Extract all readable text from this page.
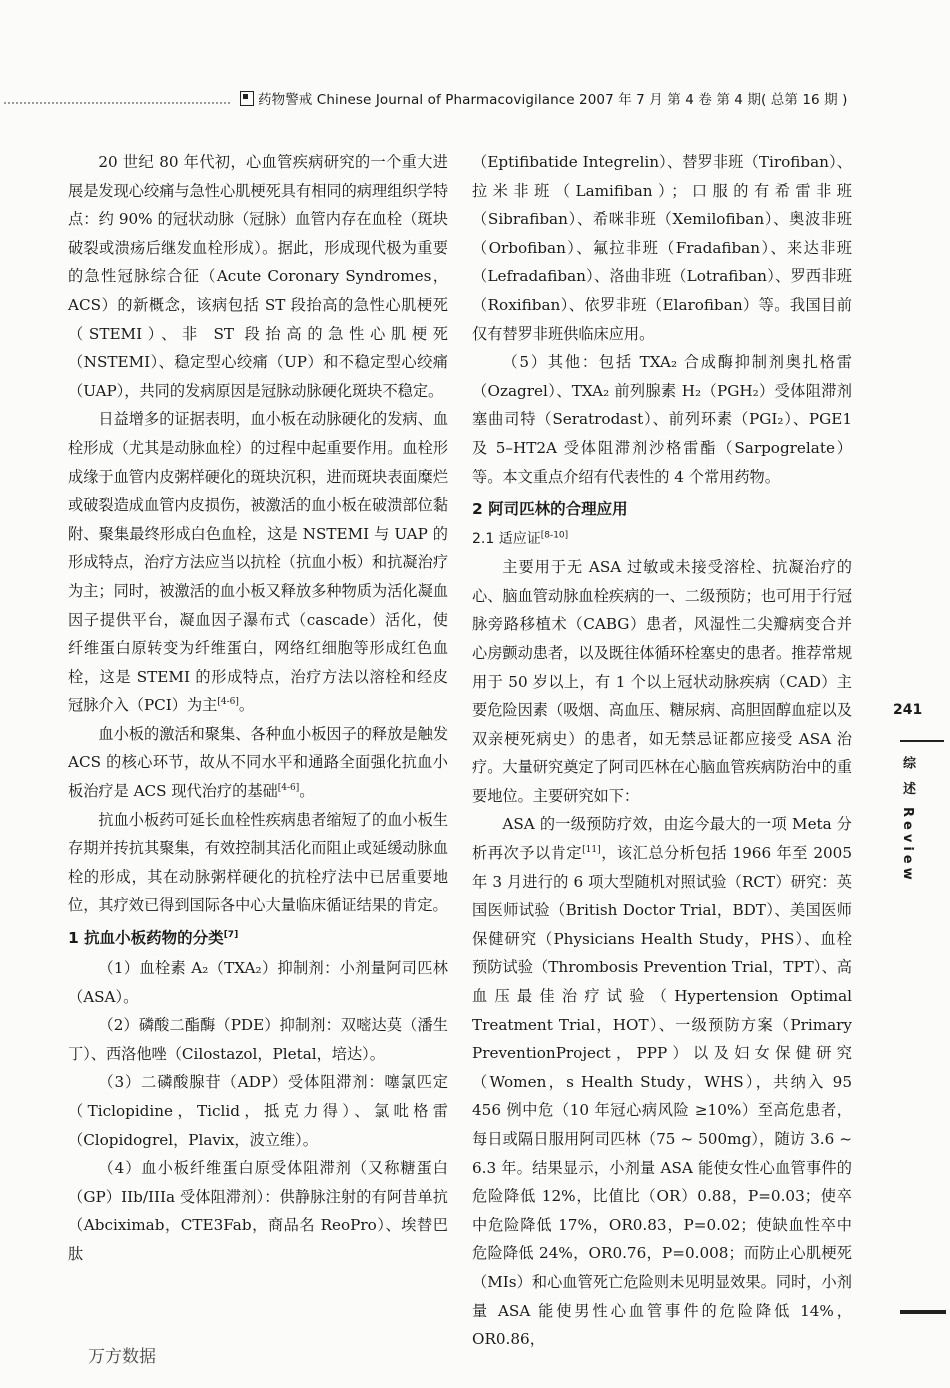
药物警戒 Chinese Journal of Pharmacovigilance 2007 年 7 月 第 4 卷 第 4 期( 总第 16 期 )

20 世纪 80 年代初，心血管疾病研究的一个重大进展是发现心绞痛与急性心肌梗死具有相同的病理组织学特点：约 90% 的冠状动脉（冠脉）血管内存在血栓（斑块破裂或溃疡后继发血栓形成）。据此，形成现代极为重要的急性冠脉综合征（Acute Coronary Syndromes，ACS）的新概念，该病包括 ST 段抬高的急性心肌梗死（STEMI）、非 ST 段抬高的急性心肌梗死（NSTEMI）、稳定型心绞痛（UP）和不稳定型心绞痛（UAP），共同的发病原因是冠脉动脉硬化斑块不稳定。

日益增多的证据表明，血小板在动脉硬化的发病、血栓形成（尤其是动脉血栓）的过程中起重要作用。血栓形成缘于血管内皮粥样硬化的斑块沉积，进而斑块表面糜烂或破裂造成血管内皮损伤，被激活的血小板在破溃部位黏附、聚集最终形成白色血栓，这是 NSTEMI 与 UAP 的形成特点，治疗方法应当以抗栓（抗血小板）和抗凝治疗为主；同时，被激活的血小板又释放多种物质为活化凝血因子提供平台，凝血因子瀑布式（cascade）活化，使纤维蛋白原转变为纤维蛋白，网络红细胞等形成红色血栓，这是 STEMI 的形成特点，治疗方法以溶栓和经皮冠脉介入（PCI）为主[4-6]。

血小板的激活和聚集、各种血小板因子的释放是触发 ACS 的核心环节，故从不同水平和通路全面强化抗血小板治疗是 ACS 现代治疗的基础[4-6]。

抗血小板药可延长血栓性疾病患者缩短了的血小板生存期并抟抗其聚集，有效控制其活化而阻止或延缓动脉血栓的形成，其在动脉粥样硬化的抗栓疗法中已居重要地位，其疗效已得到国际各中心大量临床循证结果的肯定。

1 抗血小板药物的分类[7]

（1）血栓素 A₂（TXA₂）抑制剂：小剂量阿司匹林（ASA）。

（2）磷酸二酯酶（PDE）抑制剂：双嘧达莫（潘生丁）、西洛他唑（Cilostazol，Pletal，培达）。

（3）二磷酸腺苷（ADP）受体阻滞剂：噻氯匹定（Ticlopidine，Ticlid，抵克力得）、氯吡格雷（Clopidogrel，Plavix，波立维）。

（4）血小板纤维蛋白原受体阻滞剂（又称糖蛋白（GP）IIb/IIIa 受体阻滞剂）：供静脉注射的有阿昔单抗（Abciximab，CTE3Fab，商品名 ReoPro）、埃替巴肽

（Eptifibatide Integrelin）、替罗非班（Tirofiban）、拉米非班（Lamifiban）；口服的有希雷非班（Sibrafiban）、希咪非班（Xemilofiban）、奥波非班（Orbofiban）、氟拉非班（Fradafiban）、来达非班（Lefradafiban）、洛曲非班（Lotrafiban）、罗西非班（Roxifiban）、依罗非班（Elarofiban）等。我国目前仅有替罗非班供临床应用。

（5）其他：包括 TXA₂ 合成酶抑制剂奥扎格雷（Ozagrel）、TXA₂ 前列腺素 H₂（PGH₂）受体阻滞剂塞曲司特（Seratrodast）、前列环素（PGI₂）、PGE1 及 5–HT2A 受体阻滞剂沙格雷酯（Sarpogrelate）等。本文重点介绍有代表性的 4 个常用药物。

2 阿司匹林的合理应用
2.1 适应证[8-10]

主要用于无 ASA 过敏或未接受溶栓、抗凝治疗的心、脑血管动脉血栓疾病的一、二级预防；也可用于行冠脉旁路移植术（CABG）患者，风湿性二尖瓣病变合并心房颤动患者，以及既往体循环栓塞史的患者。推荐常规用于 50 岁以上，有 1 个以上冠状动脉疾病（CAD）主要危险因素（吸烟、高血压、糖尿病、高胆固醇血症以及双亲梗死病史）的患者，如无禁忌证都应接受 ASA 治疗。大量研究奠定了阿司匹林在心脑血管疾病防治中的重要地位。主要研究如下：

ASA 的一级预防疗效，由迄今最大的一项 Meta 分析再次予以肯定[11]，该汇总分析包括 1966 年至 2005 年 3 月进行的 6 项大型随机对照试验（RCT）研究：英国医师试验（British Doctor Trial，BDT）、美国医师保健研究（Physicians Health Study，PHS）、血栓预防试验（Thrombosis Prevention Trial，TPT）、高血压最佳治疗试验（Hypertension Optimal Treatment Trial，HOT）、一级预防方案（Primary PreventionProject，PPP）以及妇女保健研究（Women，s Health Study，WHS），共纳入 95 456 例中危（10 年冠心病风险 ≥10%）至高危患者，每日或隔日服用阿司匹林（75 ~ 500mg），随访 3.6 ~ 6.3 年。结果显示，小剂量 ASA 能使女性心血管事件的危险降低 12%，比值比（OR）0.88，P=0.03；使卒中危险降低 17%，OR0.83，P=0.02；使缺血性卒中危险降低 24%，OR0.76，P=0.008；而防止心肌梗死（MIs）和心血管死亡危险则未见明显效果。同时，小剂量 ASA 能使男性心血管事件的危险降低 14%，OR0.86，

241
综 述 Review
万方数据
